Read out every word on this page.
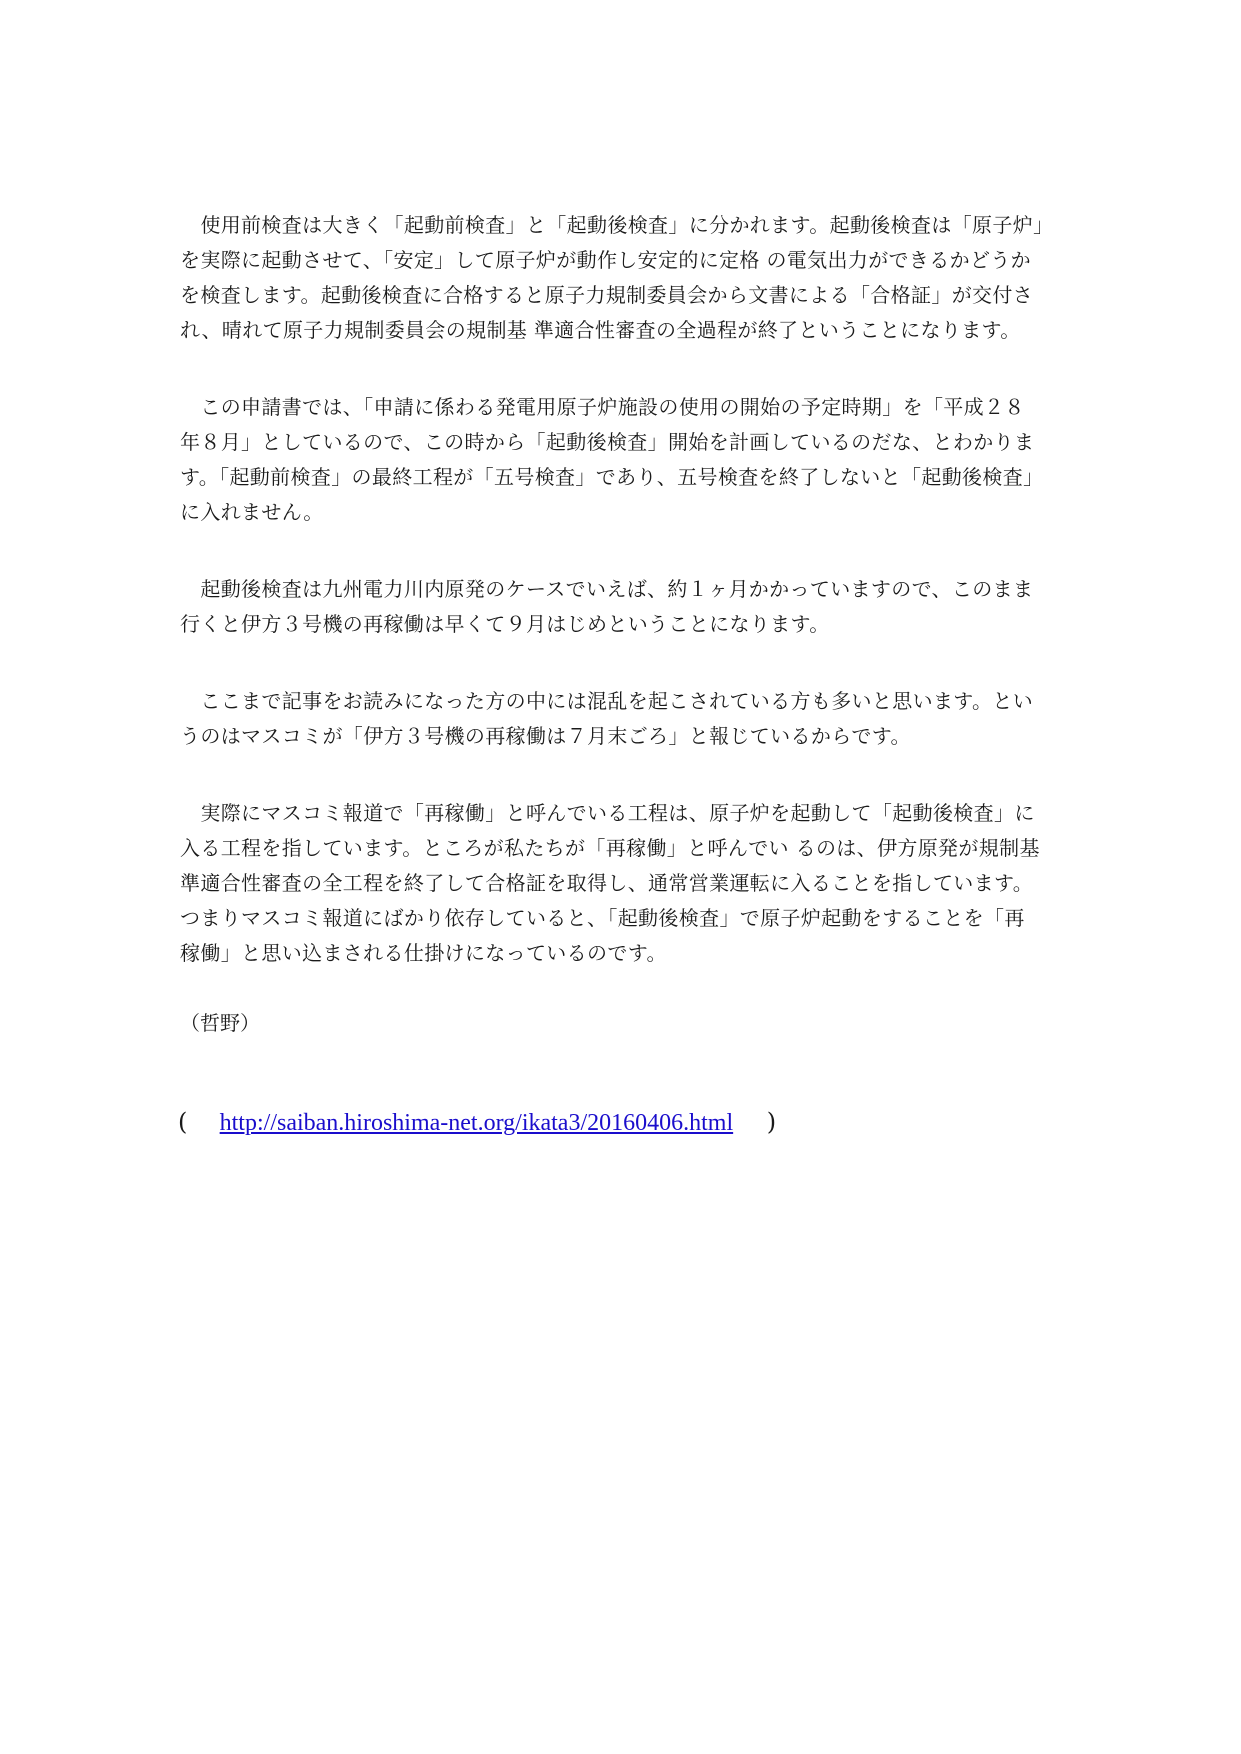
　使用前検査は大きく「起動前検査」と「起動後検査」に分かれます。起動後検査は「原子炉」
を実際に起動させて、「安定」して原子炉が動作し安定的に定格 の電気出力ができるかどうか
を検査します。起動後検査に合格すると原子力規制委員会から文書による「合格証」が交付さ
れ、晴れて原子力規制委員会の規制基 準適合性審査の全過程が終了ということになります。
　この申請書では、「申請に係わる発電用原子炉施設の使用の開始の予定時期」を「平成２８
年８月」としているので、この時から「起動後検査」開始を計画しているのだな、とわかりま
す。「起動前検査」の最終工程が「五号検査」であり、五号検査を終了しないと「起動後検査」
に入れません。
　起動後検査は九州電力川内原発のケースでいえば、約１ヶ月かかっていますので、このまま
行くと伊方３号機の再稼働は早くて９月はじめということになります。
　ここまで記事をお読みになった方の中には混乱を起こされている方も多いと思います。とい
うのはマスコミが「伊方３号機の再稼働は７月末ごろ」と報じているからです。
　実際にマスコミ報道で「再稼働」と呼んでいる工程は、原子炉を起動して「起動後検査」に
入る工程を指しています。ところが私たちが「再稼働」と呼んでい るのは、伊方原発が規制基
準適合性審査の全工程を終了して合格証を取得し、通常営業運転に入ることを指しています。
つまりマスコミ報道にばかり依存していると、「起動後検査」で原子炉起動をすることを「再
稼働」と思い込まされる仕掛けになっているのです。
（哲野）
( http://saiban.hiroshima-net.org/ikata3/20160406.html )
